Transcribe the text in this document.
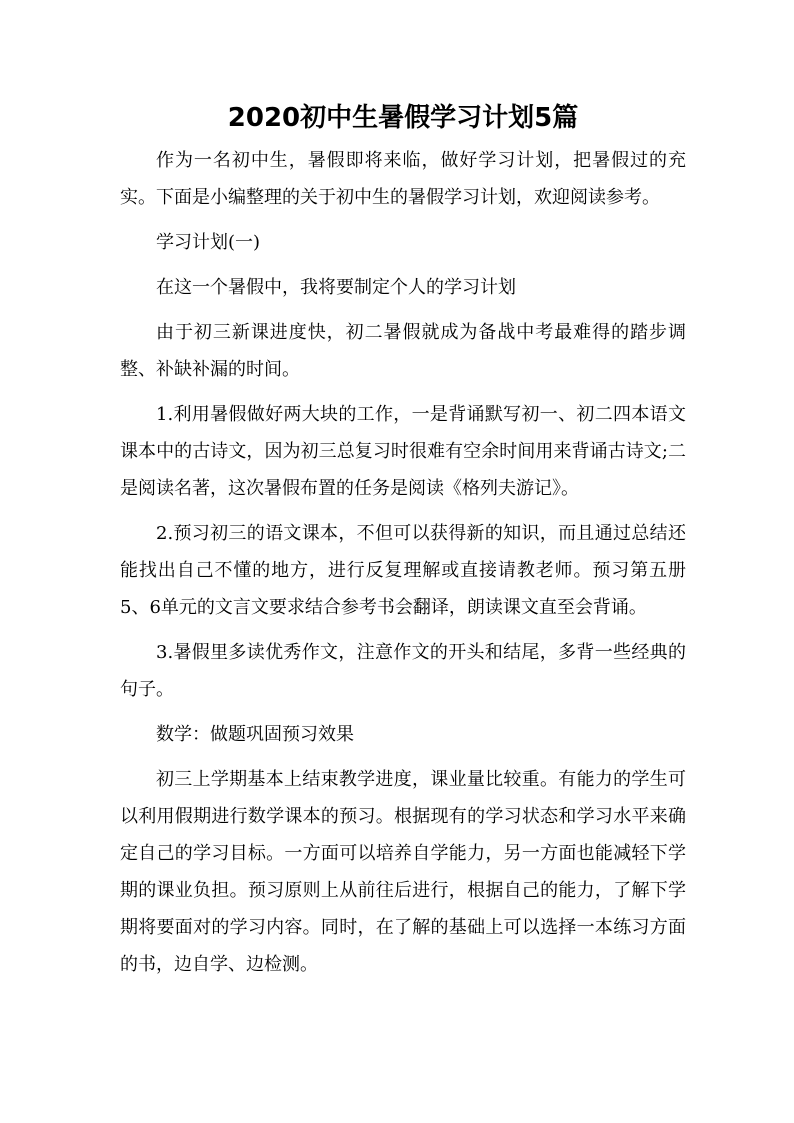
2020初中生暑假学习计划5篇

作为一名初中生，暑假即将来临，做好学习计划，把暑假过的充实。下面是小编整理的关于初中生的暑假学习计划，欢迎阅读参考。

学习计划(一)

在这一个暑假中，我将要制定个人的学习计划

由于初三新课进度快，初二暑假就成为备战中考最难得的踏步调整、补缺补漏的时间。

1.利用暑假做好两大块的工作，一是背诵默写初一、初二四本语文课本中的古诗文，因为初三总复习时很难有空余时间用来背诵古诗文;二是阅读名著，这次暑假布置的任务是阅读《格列夫游记》。

2.预习初三的语文课本，不但可以获得新的知识，而且通过总结还能找出自己不懂的地方，进行反复理解或直接请教老师。预习第五册5、6单元的文言文要求结合参考书会翻译，朗读课文直至会背诵。

3.暑假里多读优秀作文，注意作文的开头和结尾，多背一些经典的句子。

数学：做题巩固预习效果

初三上学期基本上结束教学进度，课业量比较重。有能力的学生可以利用假期进行数学课本的预习。根据现有的学习状态和学习水平来确定自己的学习目标。一方面可以培养自学能力，另一方面也能减轻下学期的课业负担。预习原则上从前往后进行，根据自己的能力，了解下学期将要面对的学习内容。同时，在了解的基础上可以选择一本练习方面的书，边自学、边检测。
